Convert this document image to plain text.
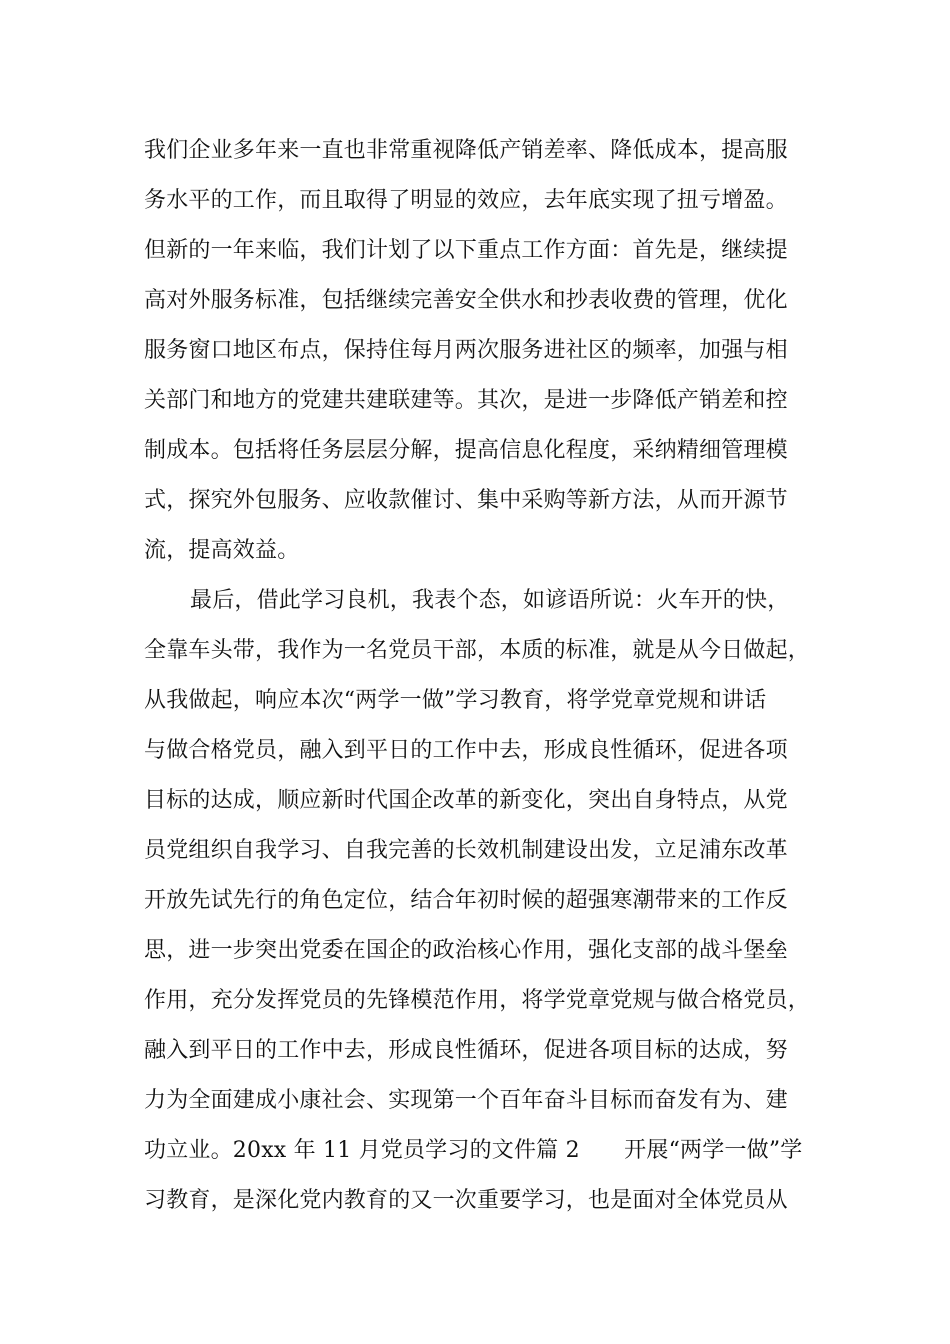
我们企业多年来一直也非常重视降低产销差率、降低成本，提高服
务水平的工作，而且取得了明显的效应，去年底实现了扭亏增盈。
但新的一年来临，我们计划了以下重点工作方面：首先是，继续提
高对外服务标准，包括继续完善安全供水和抄表收费的管理，优化
服务窗口地区布点，保持住每月两次服务进社区的频率，加强与相
关部门和地方的党建共建联建等。其次，是进一步降低产销差和控
制成本。包括将任务层层分解，提高信息化程度，采纳精细管理模
式，探究外包服务、应收款催讨、集中采购等新方法，从而开源节
流，提高效益。
最后，借此学习良机，我表个态，如谚语所说：火车开的快，
全靠车头带，我作为一名党员干部，本质的标准，就是从今日做起，
从我做起，响应本次“两学一做”学习教育，将学党章党规和讲话
与做合格党员，融入到平日的工作中去，形成良性循环，促进各项
目标的达成，顺应新时代国企改革的新变化，突出自身特点，从党
员党组织自我学习、自我完善的长效机制建设出发，立足浦东改革
开放先试先行的角色定位，结合年初时候的超强寒潮带来的工作反
思，进一步突出党委在国企的政治核心作用，强化支部的战斗堡垒
作用，充分发挥党员的先锋模范作用，将学党章党规与做合格党员，
融入到平日的工作中去，形成良性循环，促进各项目标的达成，努
力为全面建成小康社会、实现第一个百年奋斗目标而奋发有为、建
功立业。20xx 年 11 月党员学习的文件篇 2　　开展“两学一做”学
习教育，是深化党内教育的又一次重要学习，也是面对全体党员从
